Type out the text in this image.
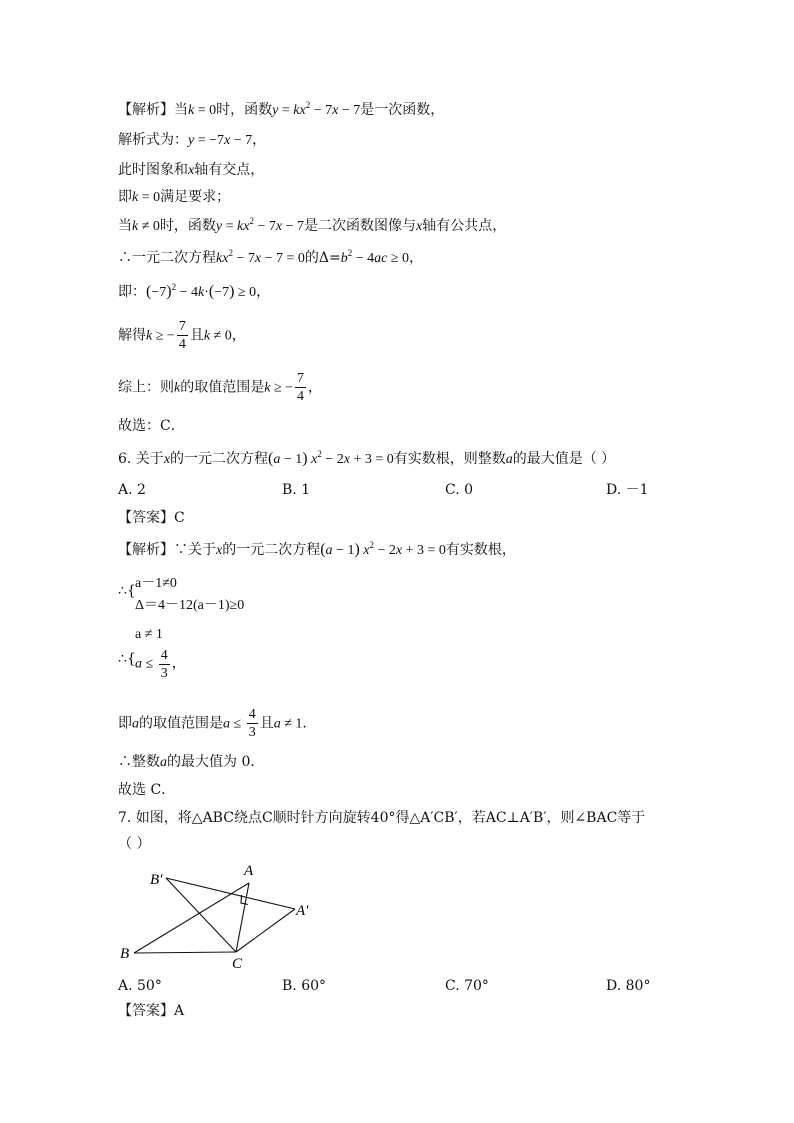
【解析】当k = 0时，函数$y = kx^2 - 7x - 7$是一次函数，
解析式为：y = −7x − 7，
此时图象和x轴有交点，
即k = 0满足要求；
当k ≠ 0时，函数$y = kx^2 - 7x - 7$是二次函数图像与x轴有公共点，
∴一元二次方程$kx^2 - 7x - 7 = 0$的$\Delta=b^2 - 4ac \ge 0$，
即：$(-7)^2 - 4k\cdot(-7) \ge 0$，
解得k ≥ − $\frac{7}{4}$ 且k ≠ 0，
综上：则k的取值范围是k ≥ − $\frac{7}{4}$ ，
故选：C．
6. 关于x的一元二次方程(a − 1) $x^2 - 2x + 3 = 0$有实数根，则整数a的最大值是（ ）
A. 2	B. 1	C. 0	D. －1
【答案】C
【解析】∵关于x的一元二次方程(a − 1) $x^2 - 2x + 3 = 0$有实数根，
∴{ a－1≠0
Δ＝4－12(a－1)≥0
∴{
a ≠ 1
$a \le \frac{4}{3}$ ，
即a的取值范围是$a \le \frac{4}{3}$ 且a ≠ 1．
∴整数a的最大值为 0．
故选 C．
7. 如图，将△ABC绕点C顺时针方向旋转40°得△A′CB′，若AC⊥A′B′，则∠BAC等于
（ ）
B′
A
A′
B
C
A. 50°	B. 60°	C. 70°	D. 80°
【答案】A
